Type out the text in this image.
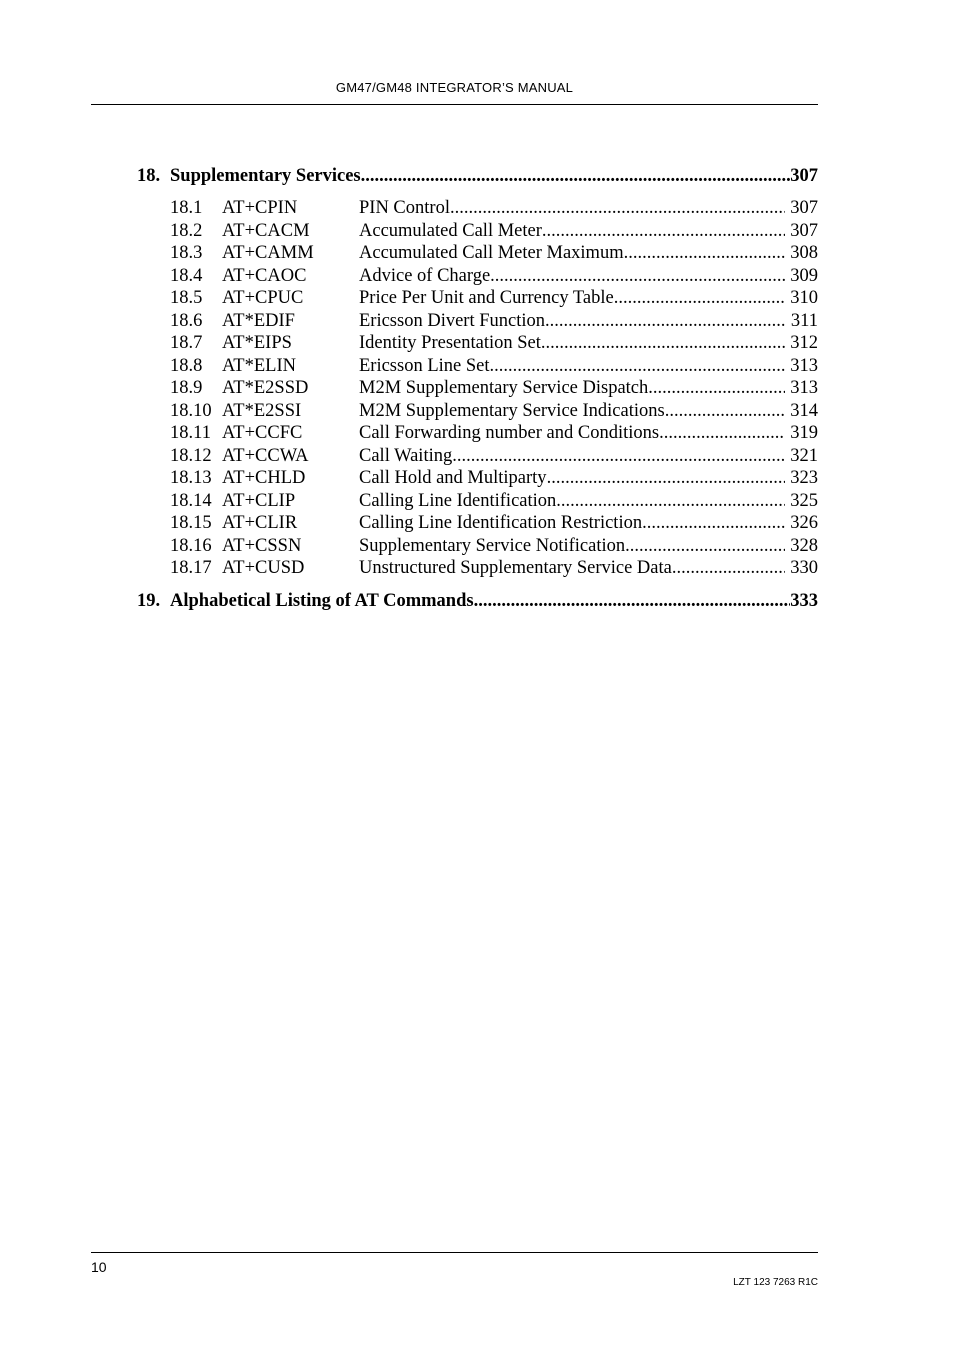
GM47/GM48 INTEGRATOR’S MANUAL
18. Supplementary Services .....	307
18.1	AT+CPIN	PIN Control .....	307
18.2	AT+CACM	Accumulated Call Meter .....	307
18.3	AT+CAMM	Accumulated Call Meter Maximum .....	308
18.4	AT+CAOC	Advice of Charge .....	309
18.5	AT+CPUC	Price Per Unit and Currency Table .....	310
18.6	AT*EDIF	Ericsson Divert Function .....	311
18.7	AT*EIPS	Identity Presentation Set .....	312
18.8	AT*ELIN	Ericsson Line Set .....	313
18.9	AT*E2SSD	M2M Supplementary Service Dispatch .....	313
18.10 AT*E2SSI	M2M Supplementary Service Indications .....	314
18.11 AT+CCFC	Call Forwarding number and Conditions .....	319
18.12 AT+CCWA	Call Waiting .....	321
18.13 AT+CHLD	Call Hold and Multiparty .....	323
18.14 AT+CLIP	Calling Line Identification .....	325
18.15 AT+CLIR	Calling Line Identification Restriction .....	326
18.16 AT+CSSN	Supplementary Service Notification .....	328
18.17 AT+CUSD	Unstructured Supplementary Service Data .....	330
19. Alphabetical Listing of AT Commands .....	333
10
LZT 123 7263 R1C
